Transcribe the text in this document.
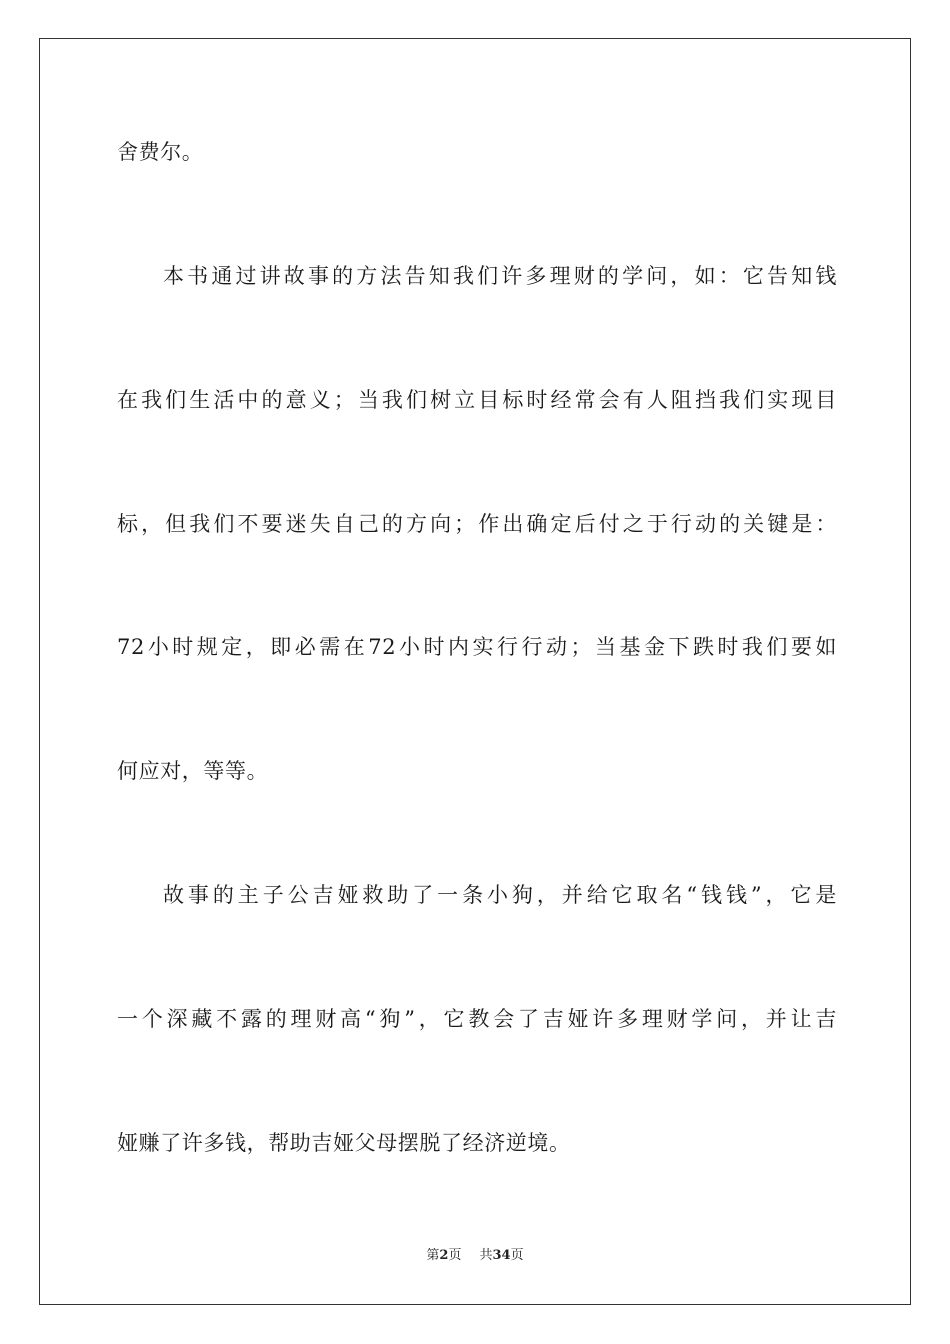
舍费尔。
本书通过讲故事的方法告知我们许多理财的学问，如：它告知钱
在我们生活中的意义；当我们树立目标时经常会有人阻挡我们实现目
标，但我们不要迷失自己的方向；作出确定后付之于行动的关键是：
72小时规定，即必需在72小时内实行行动；当基金下跌时我们要如
何应对，等等。
故事的主子公吉娅救助了一条小狗，并给它取名“钱钱”，它是
一个深藏不露的理财高“狗”，它教会了吉娅许多理财学问，并让吉
娅赚了许多钱，帮助吉娅父母摆脱了经济逆境。
第2页 共34页
